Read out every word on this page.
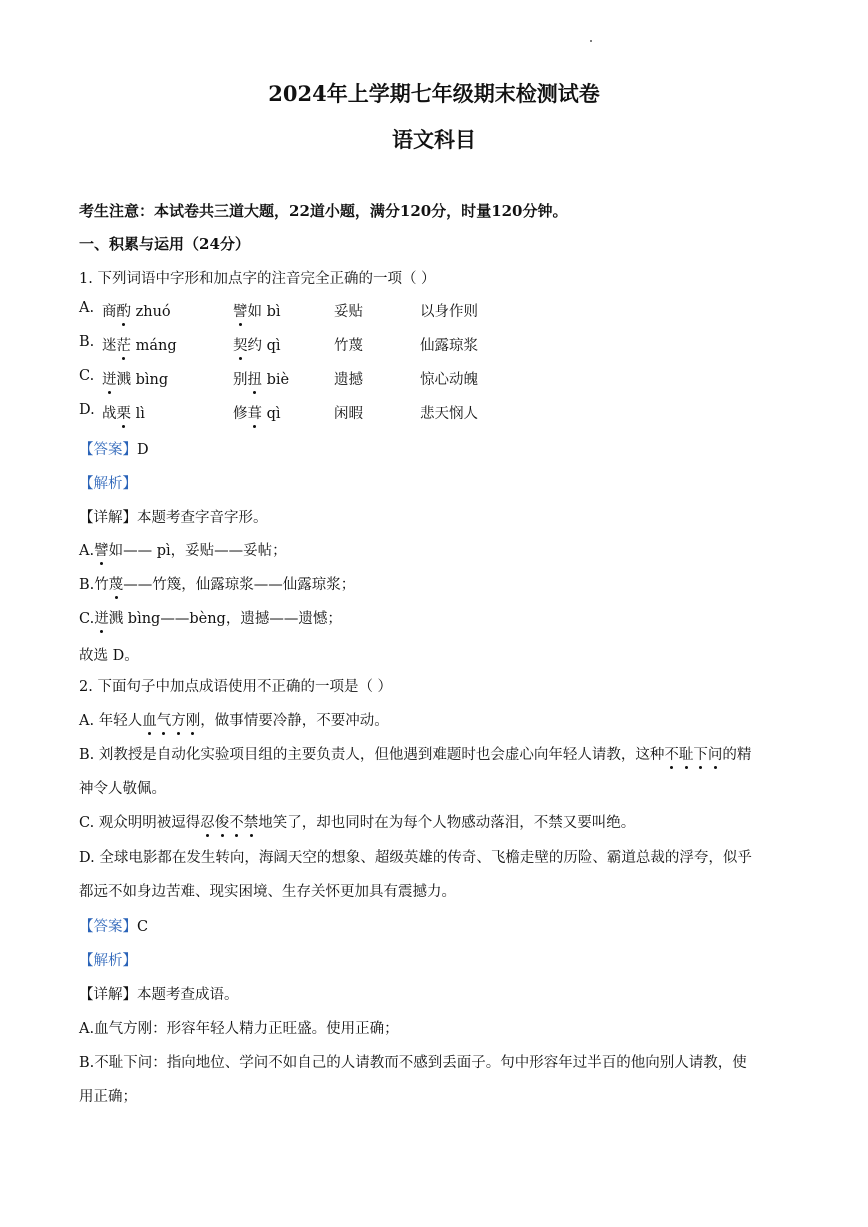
2024年上学期七年级期末检测试卷
语文科目
考生注意：本试卷共三道大题，22道小题，满分120分，时量120分钟。
一、积累与运用（24分）
1. 下列词语中字形和加点字的注音完全正确的一项（ ）
A. 商酌 zhuó	譬如 bì	妥贴	以身作则
B. 迷茫 máng	契约 qì	竹蔑	仙露琼浆
C. 迸溅 bìng	别扭 biè	遗撼	惊心动魄
D. 战栗 lì	修葺 qì	闲暇	悲天悯人
【答案】D
【解析】
【详解】本题考查字音字形。
A.譬如—— pì，妥贴——妥帖；
B.竹蔑——竹篾，仙露琼浆——仙露琼浆；
C.迸溅 bìng——bèng，遗撼——遗憾；
故选 D。
2. 下面句子中加点成语使用不正确的一项是（ ）
A. 年轻人血气方刚，做事情要冷静，不要冲动。
B. 刘教授是自动化实验项目组的主要负责人，但他遇到难题时也会虚心向年轻人请教，这种不耻下问的精
神令人敬佩。
C. 观众明明被逗得忍俊不禁地笑了，却也同时在为每个人物感动落泪，不禁又要叫绝。
D. 全球电影都在发生转向，海阔天空的想象、超级英雄的传奇、飞檐走壁的历险、霸道总裁的浮夸，似乎
都远不如身边苦难、现实困境、生存关怀更加具有震撼力。
【答案】C
【解析】
【详解】本题考查成语。
A.血气方刚：形容年轻人精力正旺盛。使用正确；
B.不耻下问：指向地位、学问不如自己的人请教而不感到丢面子。句中形容年过半百的他向别人请教，使
用正确；
